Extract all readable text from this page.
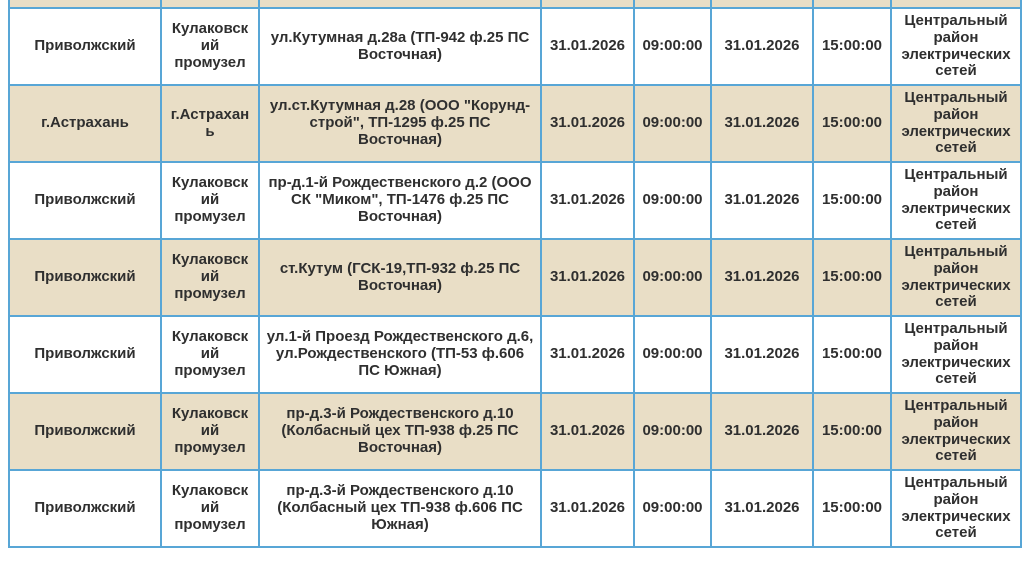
Приволжский	Кулаковский промузел	ул.Кутумная д.28а (ТП-942 ф.25 ПС Восточная)	31.01.2026	09:00:00	31.01.2026	15:00:00	Центральный район электрических сетей
г.Астрахань	г.Астрахань	ул.ст.Кутумная д.28 (ООО "Корунд-строй", ТП-1295 ф.25 ПС Восточная)	31.01.2026	09:00:00	31.01.2026	15:00:00	Центральный район электрических сетей
Приволжский	Кулаковский промузел	пр-д.1-й Рождественского д.2 (ООО СК "Миком", ТП-1476 ф.25 ПС Восточная)	31.01.2026	09:00:00	31.01.2026	15:00:00	Центральный район электрических сетей
Приволжский	Кулаковский промузел	ст.Кутум (ГСК-19,ТП-932 ф.25 ПС Восточная)	31.01.2026	09:00:00	31.01.2026	15:00:00	Центральный район электрических сетей
Приволжский	Кулаковский промузел	ул.1-й Проезд Рождественского д.6, ул.Рождественского (ТП-53 ф.606 ПС Южная)	31.01.2026	09:00:00	31.01.2026	15:00:00	Центральный район электрических сетей
Приволжский	Кулаковский промузел	пр-д.3-й Рождественского д.10 (Колбасный цех ТП-938 ф.25 ПС Восточная)	31.01.2026	09:00:00	31.01.2026	15:00:00	Центральный район электрических сетей
Приволжский	Кулаковский промузел	пр-д.3-й Рождественского д.10 (Колбасный цех ТП-938 ф.606 ПС Южная)	31.01.2026	09:00:00	31.01.2026	15:00:00	Центральный район электрических сетей
